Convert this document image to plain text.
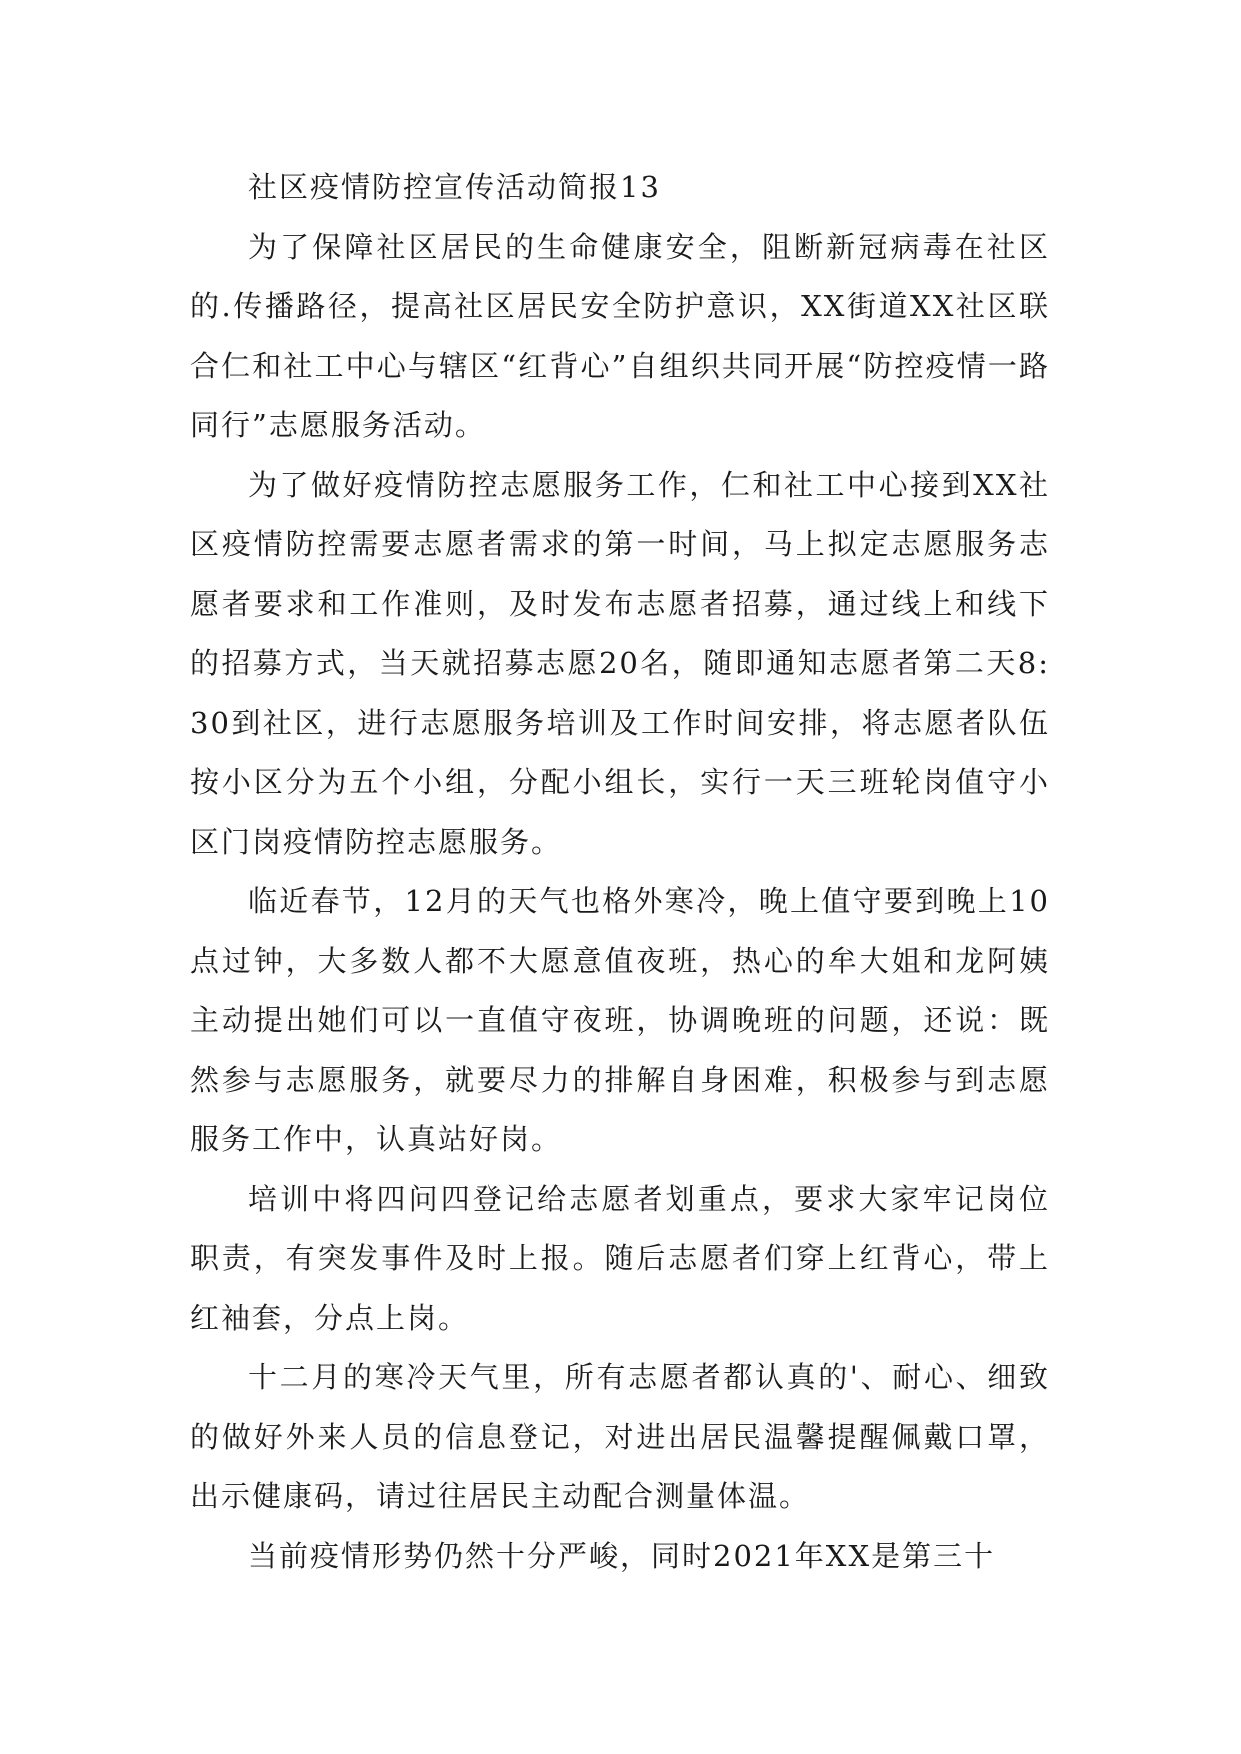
社区疫情防控宣传活动简报13

为了保障社区居民的生命健康安全，阻断新冠病毒在社区的.传播路径，提高社区居民安全防护意识，XX街道XX社区联合仁和社工中心与辖区“红背心”自组织共同开展“防控疫情一路同行”志愿服务活动。

为了做好疫情防控志愿服务工作，仁和社工中心接到XX社区疫情防控需要志愿者需求的第一时间，马上拟定志愿服务志愿者要求和工作准则，及时发布志愿者招募，通过线上和线下的招募方式，当天就招募志愿20名，随即通知志愿者第二天8:30到社区，进行志愿服务培训及工作时间安排，将志愿者队伍按小区分为五个小组，分配小组长，实行一天三班轮岗值守小区门岗疫情防控志愿服务。

临近春节，12月的天气也格外寒冷，晚上值守要到晚上10点过钟，大多数人都不大愿意值夜班，热心的牟大姐和龙阿姨主动提出她们可以一直值守夜班，协调晚班的问题，还说：既然参与志愿服务，就要尽力的排解自身困难，积极参与到志愿服务工作中，认真站好岗。

培训中将四问四登记给志愿者划重点，要求大家牢记岗位职责，有突发事件及时上报。随后志愿者们穿上红背心，带上红袖套，分点上岗。

十二月的寒冷天气里，所有志愿者都认真的'、耐心、细致的做好外来人员的信息登记，对进出居民温馨提醒佩戴口罩，出示健康码，请过往居民主动配合测量体温。

当前疫情形势仍然十分严峻，同时2021年XX是第三十
